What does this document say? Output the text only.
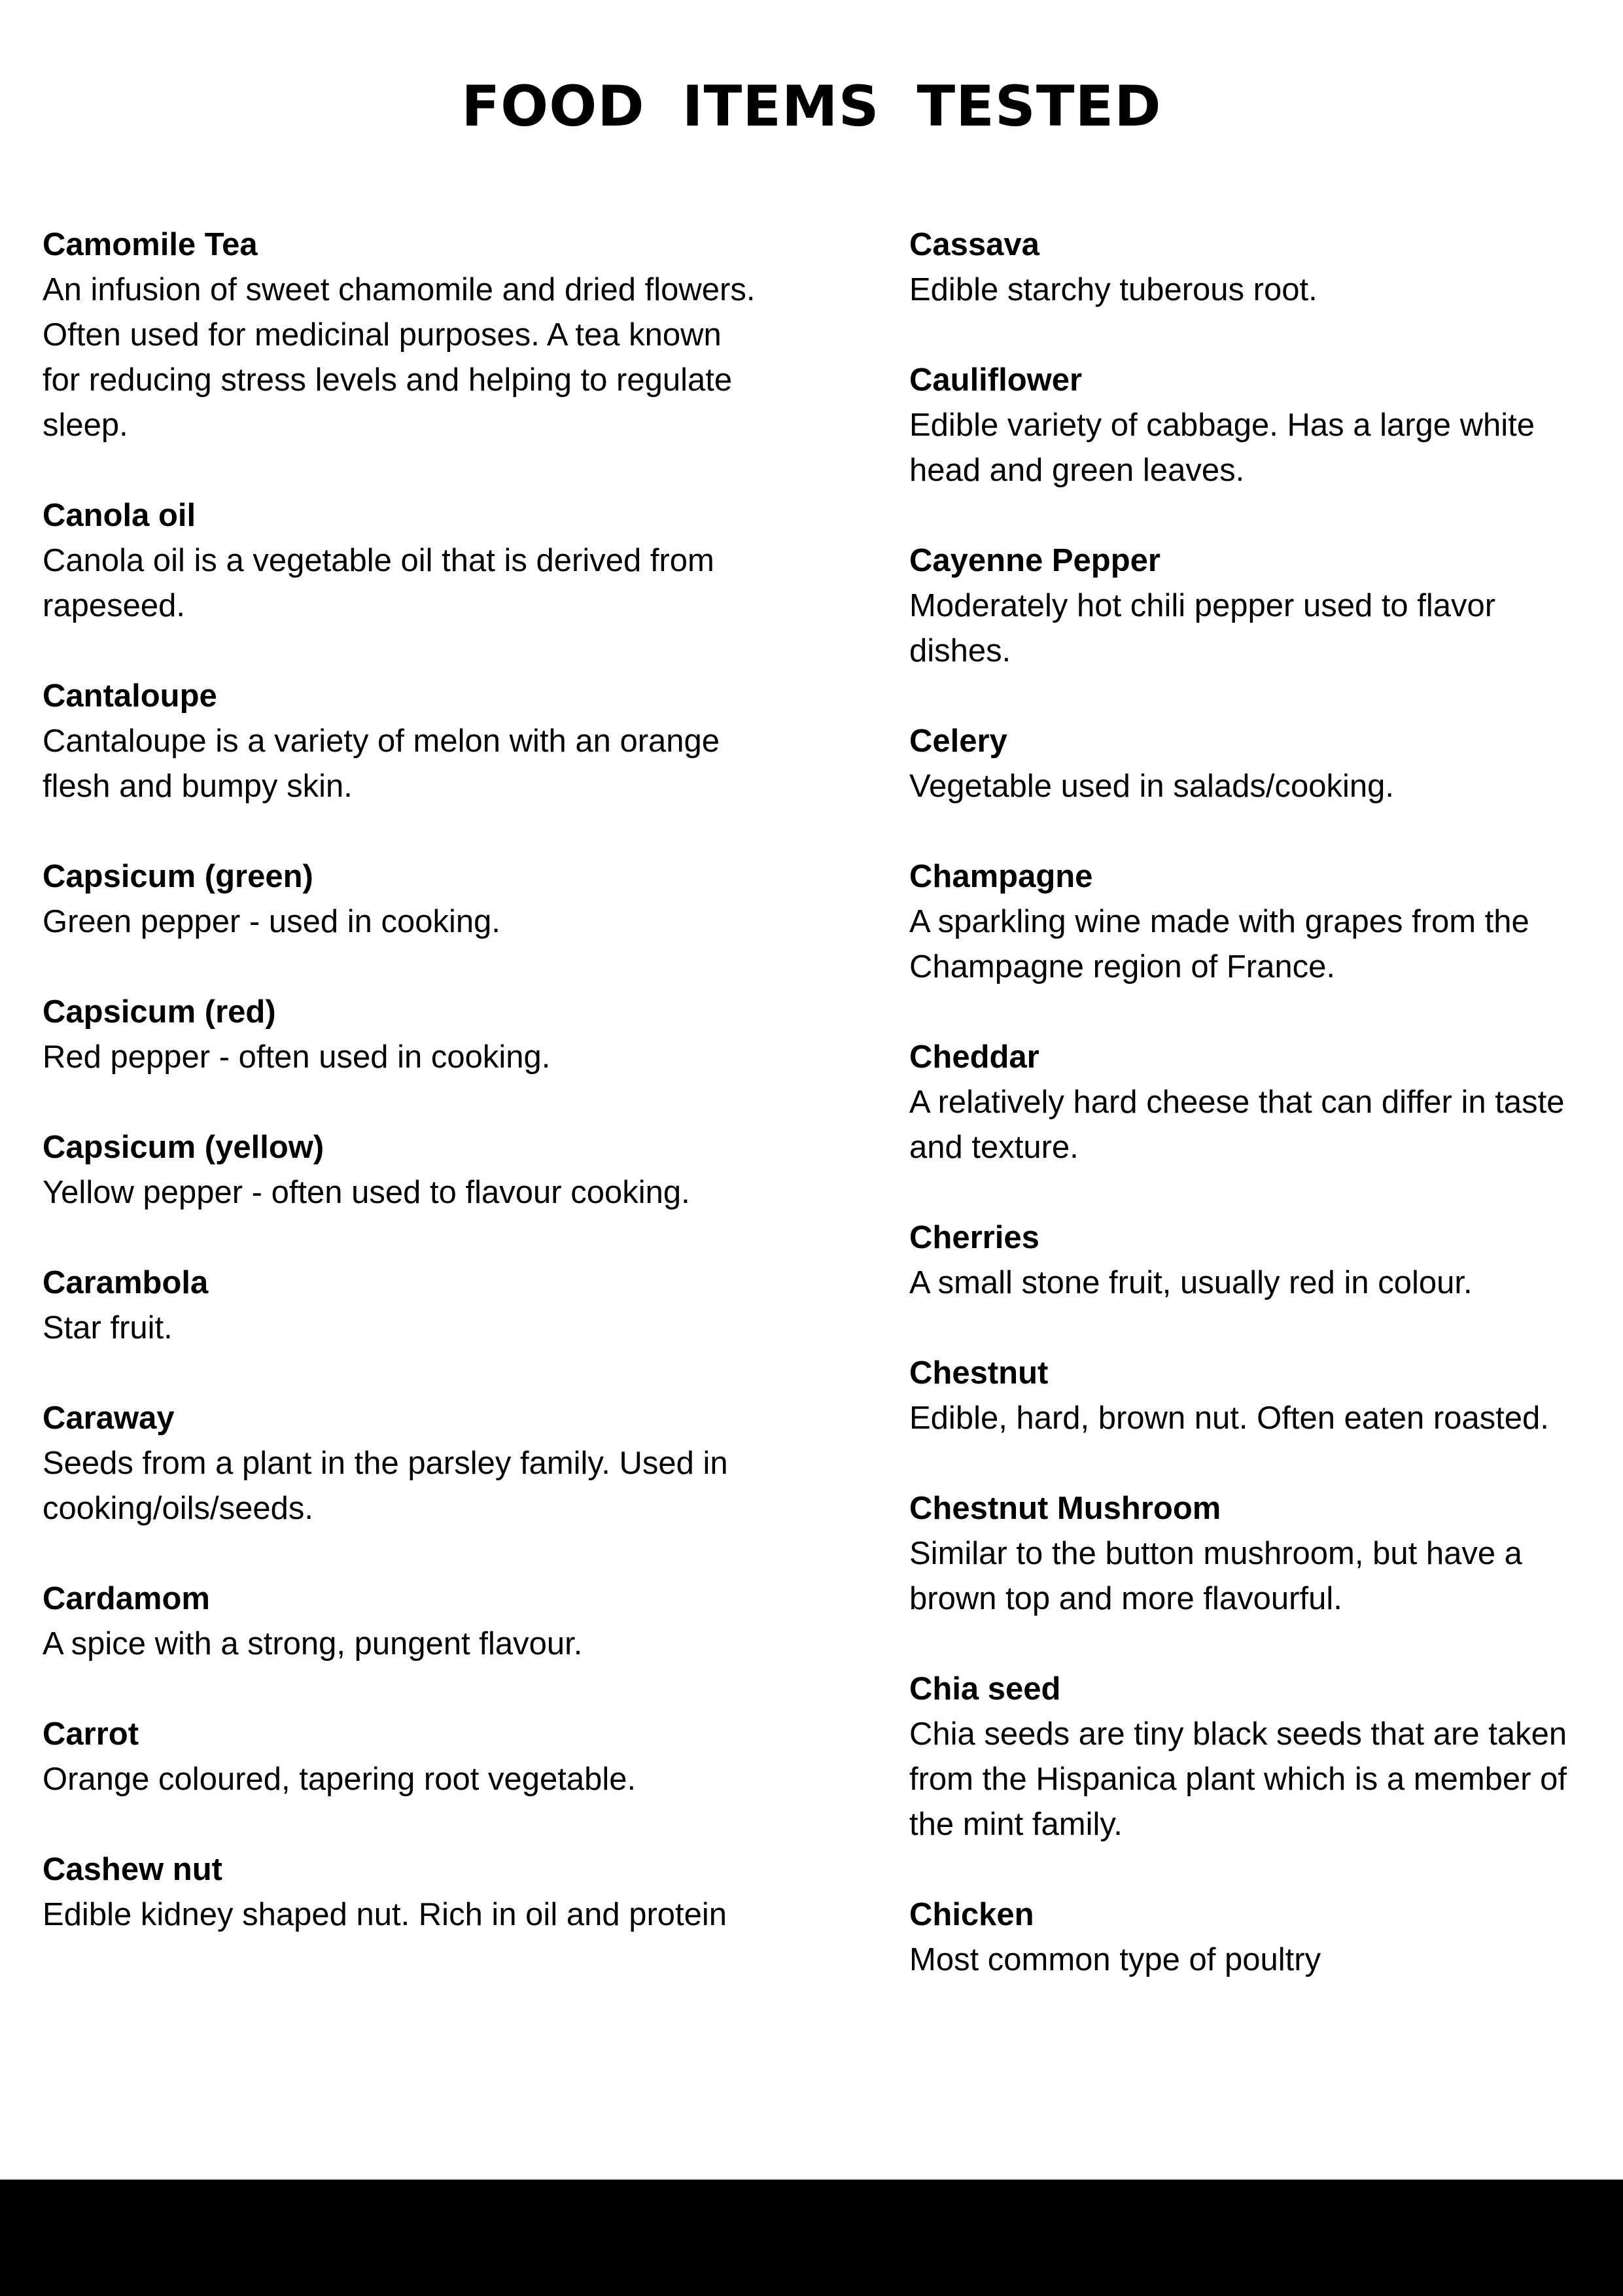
FOOD ITEMS TESTED

Camomile Tea

An infusion of sweet chamomile and dried flowers. Often used for medicinal purposes. A tea known for reducing stress levels and helping to regulate sleep.

Canola oil

Canola oil is a vegetable oil that is derived from rapeseed.

Cantaloupe

Cantaloupe is a variety of melon with an orange flesh and bumpy skin.

Capsicum (green)

Green pepper - used in cooking.

Capsicum (red)

Red pepper - often used in cooking.

Capsicum (yellow)

Yellow pepper - often used to flavour cooking.

Carambola

Star fruit.

Caraway

Seeds from a plant in the parsley family. Used in cooking/oils/seeds.

Cardamom

A spice with a strong, pungent flavour.

Carrot

Orange coloured, tapering root vegetable.

Cashew nut

Edible kidney shaped nut. Rich in oil and protein

Cassava

Edible starchy tuberous root.

Cauliflower

Edible variety of cabbage. Has a large white head and green leaves.

Cayenne Pepper

Moderately hot chili pepper used to flavor dishes.

Celery

Vegetable used in salads/cooking.

Champagne

A sparkling wine made with grapes from the Champagne region of France.

Cheddar

A relatively hard cheese that can differ in taste and texture.

Cherries

A small stone fruit, usually red in colour.

Chestnut

Edible, hard, brown nut. Often eaten roasted.

Chestnut Mushroom

Similar to the button mushroom, but have a brown top and more flavourful.

Chia seed

Chia seeds are tiny black seeds that are taken from the Hispanica plant which is a member of the mint family.

Chicken

Most common type of poultry
